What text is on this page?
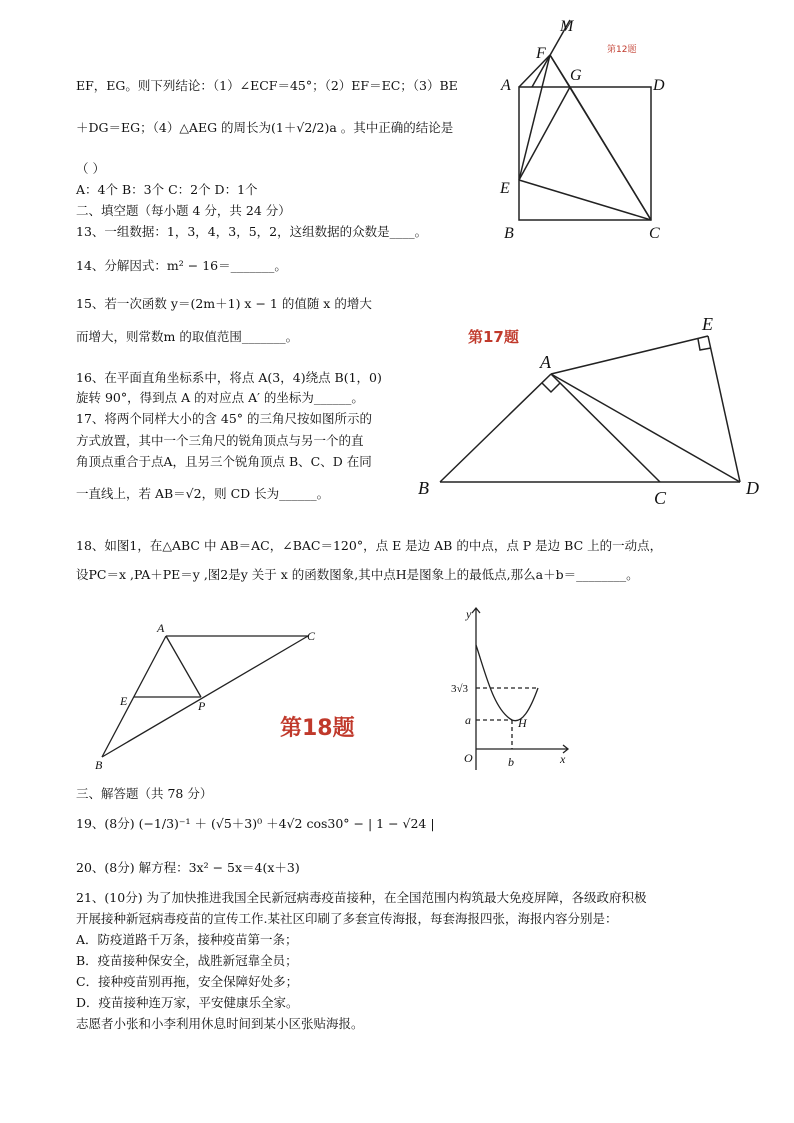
EF，EG。则下列结论：（1）∠ECF＝45°；（2）EF＝EC；（3）BE
＋DG＝EG；（4）△AEG 的周长为(1＋√2/2)a 。其中正确的结论是
（ ）
A：4个 B：3个 C：2个 D：1个
A
B	C
D
E
F
G
M
第12题
二、填空题（每小题 4 分，共 24 分）
13、一组数据：1，3，4，3，5，2，这组数据的众数是____。
14、分解因式：m² − 16＝_______。
15、若一次函数 y＝(2m＋1) x − 1 的值随 x 的增大
而增大，则常数m 的取值范围_______。
16、在平面直角坐标系中，将点 A(3，4)绕点 B(1，0)
旋转 90°，得到点 A 的对应点 A′ 的坐标为______。
17、将两个同样大小的含 45° 的三角尺按如图所示的
方式放置，其中一个三角尺的锐角顶点与另一个的直
角顶点重合于点A，且另三个锐角顶点 B、C、D 在同
一直线上，若 AB＝√2，则 CD 长为______。
A
B	C	D
E
第17题
18、如图1，在△ABC 中 AB＝AC，∠BAC＝120°，点 E 是边 AB 的中点，点 P 是边 BC 上的一动点，
设PC＝x ,PA＋PE＝y ,图2是y 关于 x 的函数图象,其中点H是图象上的最低点,那么a＋b＝________。
A
B
C
E	P
第18题
y
x
O
a
b
H
3√3
三、解答题（共 78 分）
19、(8分) (−1/3)⁻¹ ＋ (√5＋3)⁰ ＋4√2 cos30° − | 1 − √24 |
20、(8分) 解方程：3x² − 5x＝4(x＋3)
21、(10分) 为了加快推进我国全民新冠病毒疫苗接种，在全国范围内构筑最大免疫屏障，各级政府积极
开展接种新冠病毒疫苗的宣传工作.某社区印刷了多套宣传海报，每套海报四张，海报内容分别是：
A．防疫道路千万条，接种疫苗第一条；
B．疫苗接种保安全，战胜新冠靠全员；
C．接种疫苗别再拖，安全保障好处多；
D．疫苗接种连万家，平安健康乐全家。
志愿者小张和小李利用休息时间到某小区张贴海报。
